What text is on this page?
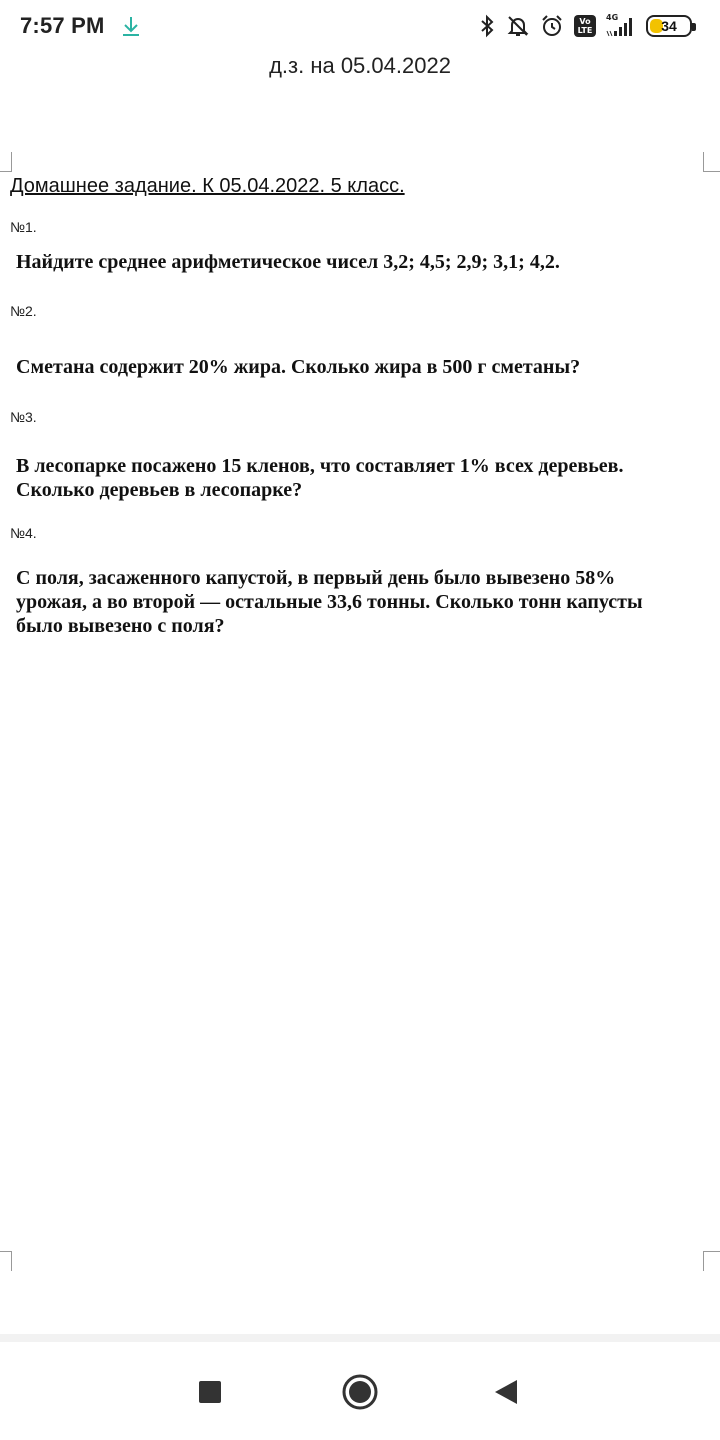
7:57 PM	Vo
LTE
4G
34
д.з. на 05.04.2022
Домашнее задание. К 05.04.2022. 5 класс.
№1.
Найдите среднее арифметическое чисел 3,2; 4,5; 2,9; 3,1; 4,2.
№2.
Сметана содержит 20% жира. Сколько жира в 500 г сметаны?
№3.
В лесопарке посажено 15 кленов, что составляет 1% всех деревьев.
Сколько деревьев в лесопарке?
№4.
С поля, засаженного капустой, в первый день было вывезено 58%
урожая, а во второй — остальные 33,6 тонны. Сколько тонн капусты
было вывезено с поля?
